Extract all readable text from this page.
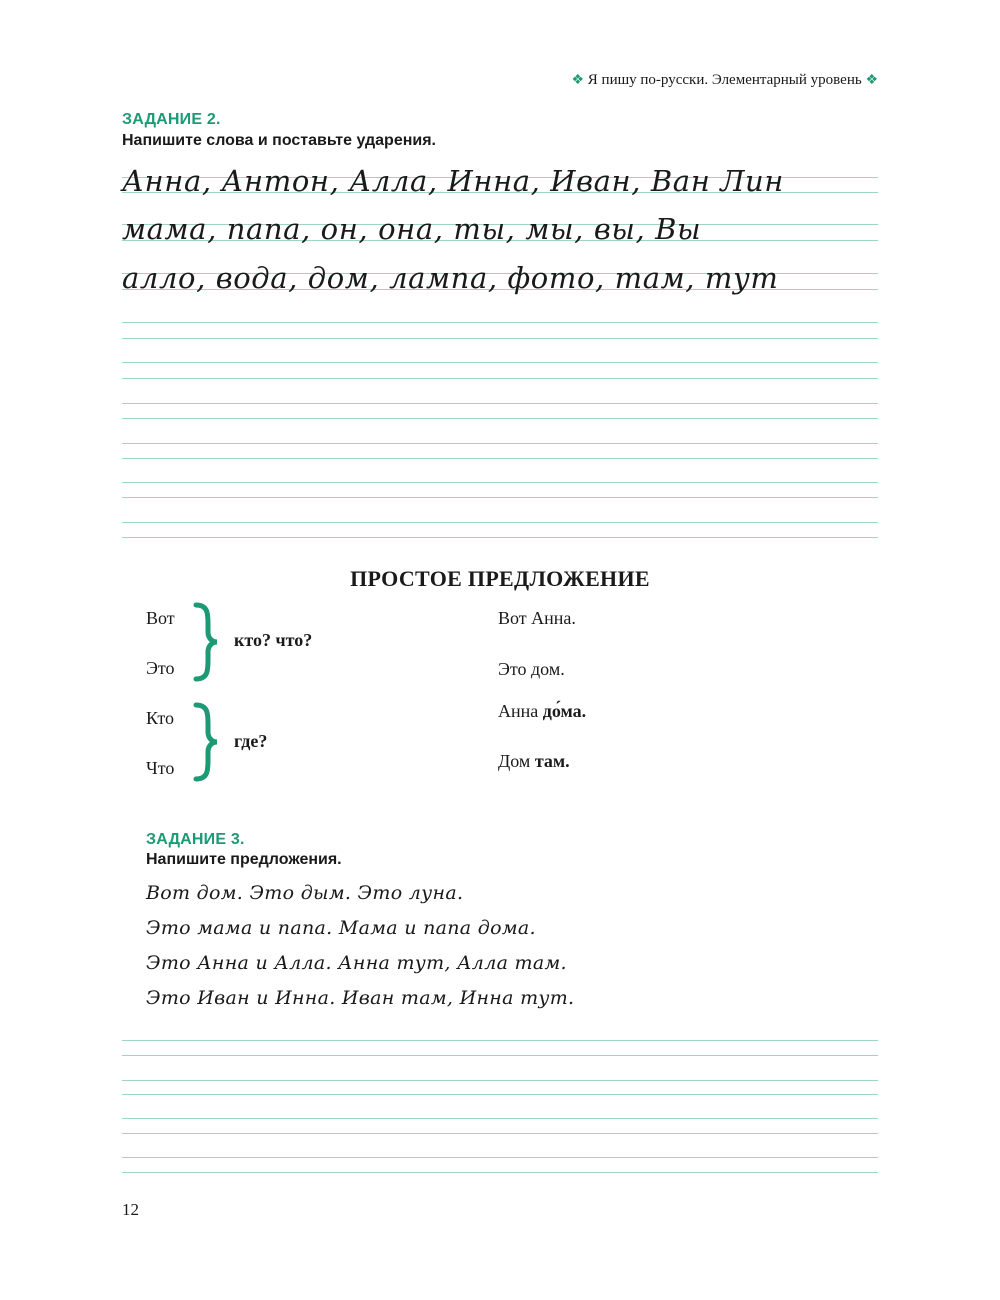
❖ Я пишу по-русски. Элементарный уровень ❖
ЗАДАНИЕ 2.
Напишите слова и поставьте ударения.
Анна, Антон, Алла, Инна, Иван, Ван Лин
мама, папа, он, она, ты, мы, вы, Вы
алло, вода, дом, лампа, фото, там, тут
ПРОСТОЕ ПРЕДЛОЖЕНИЕ
Вот
Это
кто? что?
Кто
Что
где?
Вот Анна.
Это дом.
Анна до́ма.
Дом там.
ЗАДАНИЕ 3.
Напишите предложения.
Вот дом. Это дым. Это луна.
Это мама и папа. Мама и папа дома.
Это Анна и Алла. Анна тут, Алла там.
Это Иван и Инна. Иван там, Инна тут.
12
